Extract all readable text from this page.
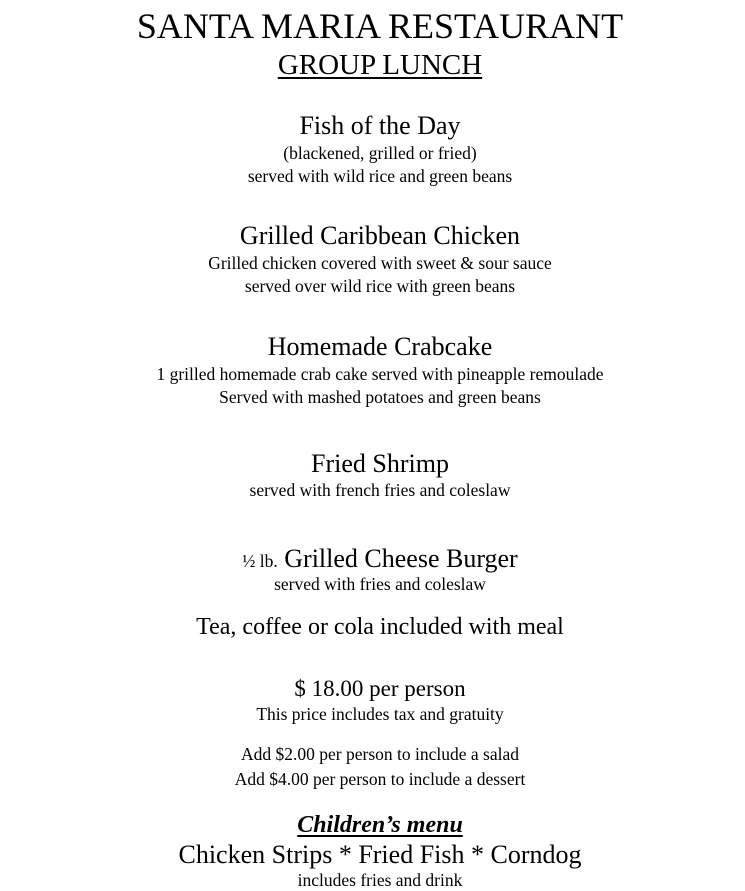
SANTA MARIA RESTAURANT
GROUP LUNCH
Fish of the Day
(blackened, grilled or fried)
served with wild rice and green beans
Grilled Caribbean Chicken
Grilled chicken covered with sweet & sour sauce
served over wild rice with green beans
Homemade Crabcake
1 grilled homemade crab cake served with pineapple remoulade
Served with mashed potatoes and green beans
Fried Shrimp
served with french fries and coleslaw
½ lb. Grilled Cheese Burger
served with fries and coleslaw
Tea, coffee or cola included with meal
$ 18.00 per person
This price includes tax and gratuity
Add $2.00 per person to include a salad
Add $4.00 per person to include a dessert
Children’s menu
Chicken Strips * Fried Fish * Corndog
includes fries and drink
